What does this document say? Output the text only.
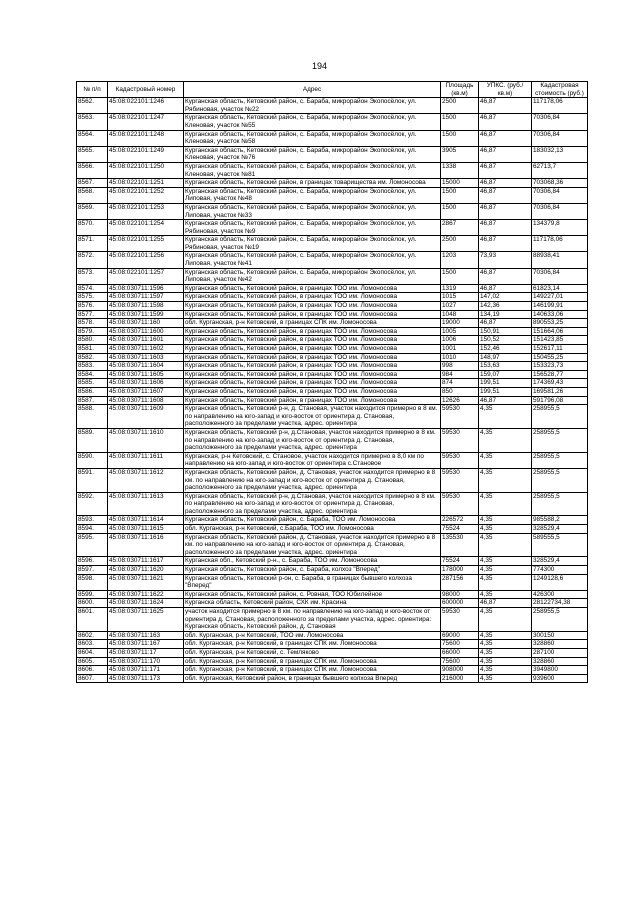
194
№ п/п	Кадастровый номер	Адрес	Площадь (кв.м)	УПКС. (руб./кв.м)	Кадастровая стоимость (руб.)
8562.	45:08:022101:1246	Курганская область, Кетовский район, с. Бараба, микрорайон Экопосёлок, ул. Рябиновая, участок №22	2500	46,87	117178,06
8563.	45:08:022101:1247	Курганская область, Кетовский район, с. Бараба, микрорайон Экопосёлок, ул. Кленовая, участок №55	1500	46,87	70306,84
8564.	45:08:022101:1248	Курганская область, Кетовский район, с. Бараба, микрорайон Экопосёлок, ул. Кленовая, участок №58	1500	46,87	70306,84
8565.	45:08:022101:1249	Курганская область, Кетовский район, с. Бараба, микрорайон Экопосёлок, ул. Кленовая, участок №76	3905	46,87	183032,13
8566.	45:08:022101:1250	Курганская область, Кетовский район, с. Бараба, микрорайон Экопосёлок, ул. Кленовая, участок №81	1338	46,87	62713,7
8567.	45:08:022101:1251	Курганская область, Кетовский район, в границах товарищества им. Ломоносова	15000	46,87	703068,36
8568.	45:08:022101:1252	Курганская область, Кетовский район, с. Бараба, микрорайон Экопосёлок, ул. Липовая, участок №48	1500	46,87	70306,84
8569.	45:08:022101:1253	Курганская область, Кетовский район, с. Бараба, микрорайон Экопосёлок, ул. Липовая, участок №33	1500	46,87	70306,84
8570.	45:08:022101:1254	Курганская область, Кетовский район, с. Бараба, микрорайон Экопосёлок, ул. Рябиновая, участок №9	2867	46,87	134379,8
8571.	45:08:022101:1255	Курганская область, Кетовский район, с. Бараба, микрорайон Экопосёлок, ул. Рябиновая, участок №19	2500	46,87	117178,06
8572.	45:08:022101:1256	Курганская область, Кетовский район, с. Бараба, микрорайон Экопосёлок, ул. Липовая, участок №41	1203	73,93	88938,41
8573.	45:08:022101:1257	Курганская область, Кетовский район, с. Бараба, микрорайон Экопосёлок, ул. Липовая, участок №42	1500	46,87	70306,84
8574.	45:08:030711:1596	Курганская область, Кетовский район, в границах ТОО им. Ломоносова	1319	46,87	61823,14
8575.	45:08:030711:1597	Курганская область, Кетовский район, в границах ТОО им. Ломоносова	1015	147,02	149227,01
8576.	45:08:030711:1598	Курганская область, Кетовский район, в границах ТОО им. Ломоносова	1027	142,36	146199,91
8577.	45:08:030711:1599	Курганская область, Кетовский район, в границах ТОО им. Ломоносова	1048	134,19	140633,06
8578.	45:08:030711:160	обл. Курганская, р-н Кетовский, в границах СПК им. Ломоносова	19000	46,87	890553,25
8579.	45:08:030711:1600	Курганская область, Кетовский район, в границах ТОО им. Ломоносова	1005	150,91	151664,06
8580.	45:08:030711:1601	Курганская область, Кетовский район, в границах ТОО им. Ломоносова	1006	150,52	151423,85
8581.	45:08:030711:1602	Курганская область, Кетовский район, в границах ТОО им. Ломоносова	1001	152,46	152617,11
8582.	45:08:030711:1603	Курганская область, Кетовский район, в границах ТОО им. Ломоносова	1010	148,97	150455,25
8583.	45:08:030711:1604	Курганская область, Кетовский район, в границах ТОО им. Ломоносова	998	153,63	153323,73
8584.	45:08:030711:1605	Курганская область, Кетовский район, в границах ТОО им. Ломоносова	984	159,07	156528,77
8585.	45:08:030711:1606	Курганская область, Кетовский район, в границах ТОО им. Ломоносова	874	199,51	174369,43
8586.	45:08:030711:1607	Курганская область, Кетовский район, в границах ТОО им. Ломоносова	850	199,51	169581,26
8587.	45:08:030711:1608	Курганская область, Кетовский район, в границах ТОО им. Ломоносова	12626	46,87	591796,08
8588.	45:08:030711:1609	Курганская область, Кетовский р-н, д. Становая, участок находится примерно в 8 км. по направлению на юго-запад и юго-восток от ориентира д. Становая, расположенного за пределами участка, адрес. ориентира	59530	4,35	258955,5
8589.	45:08:030711:1610	Курганская область, Кетовский р-н, д.Становая, участок находится примерно в 8 км. по направлению на юго-запад и юго-восток от ориентира д. Становая, расположенного за пределами участка, адрес. ориентира	59530	4,35	258955,5
8590.	45:08:030711:1611	Курганская, р-н Кетовский, с. Становое, участок находится примерно в 8,0 км по направлению на юго-запад и юго-восток от ориентира с.Становое	59530	4,35	258955,5
8591.	45:08:030711:1612	Курганская область, Кетовский район, д. Становая, участок находится примерно в 8 км. по направлению на юго-запад и юго-восток от ориентира д. Становая, расположенного за пределами участка, адрес. ориентира	59530	4,35	258955,5
8592.	45:08:030711:1613	Курганская область, Кетовский р-н, д.Становая, участок находится примерно в 8 км. по направлению на юго-запад и юго-восток от ориентира д. Становая, расположенного за пределами участка, адрес. ориентира	59530	4,35	258955,5
8593.	45:08:030711:1614	Курганская область, Кетовский район, с. Бараба, ТОО им. Ломоносова	226572	4,35	985588,2
8594.	45:08:030711:1615	обл. Курганская, р-н Кетовский, с.Бараба, ТОО им. Ломоносова	75524	4,35	328529,4
8595.	45:08:030711:1616	Курганская область, Кетовский район, д. Становая, участок находится примерно в 8 км. по направлению на юго-запад и юго-восток от ориентира д. Становая, расположенного за пределами участка, адрес. ориентира	135530	4,35	589555,5
8596.	45:08:030711:1617	Курганская обл., Кетовский р-н., с. Бараба, ТОО им. Ломоносова	75524	4,35	328529,4
8597.	45:08:030711:1620	Курганская область, Кетовский район, с. Бараба, колхоз "Вперед"	178000	4,35	774300
8598.	45:08:030711:1621	Курганская область, Кетовский р-он, с. Бараба, в границах бывшего колхоза "Вперед"	287156	4,35	1249128,6
8599.	45:08:030711:1622	Курганская область, Кетовский район, с. Ровная, ТОО Юбилейное	98000	4,35	426300
8600.	45:08:030711:1624	Курганска область, Кетовский район, СХК им. Красина	600000	46,87	28122734,38
8601.	45:08:030711:1625	участок находится примерно в 8 км. по направлению на юго-запад и юго-восток от ориентира д. Становая, расположенного за пределами участка, адрес. ориентира: Курганская область, Кетовский район, д. Становая	59530	4,35	258955,5
8602.	45:08:030711:163	обл. Курганская, р-н Кетовский, ТОО им. Ломоносова	69000	4,35	300150
8603.	45:08:030711:167	обл. Курганская, р-н Кетовский, в границах СПК им. Ломоносова	75600	4,35	328860
8604.	45:08:030711:17	обл. Курганская, р-н Кетовский, с. Темляково	66000	4,35	287100
8605.	45:08:030711:170	обл. Курганская, р-н Кетовский, в границах СПК им. Ломоносова	75600	4,35	328860
8606.	45:08:030711:171	обл. Курганская, р-н Кетовский, в границах СПК им. Ломоносова	908000	4,35	3949800
8607.	45:08:030711:173	обл. Курганская, Кетовский район, в границах бывшего колхоза Вперед	216000	4,35	939600
